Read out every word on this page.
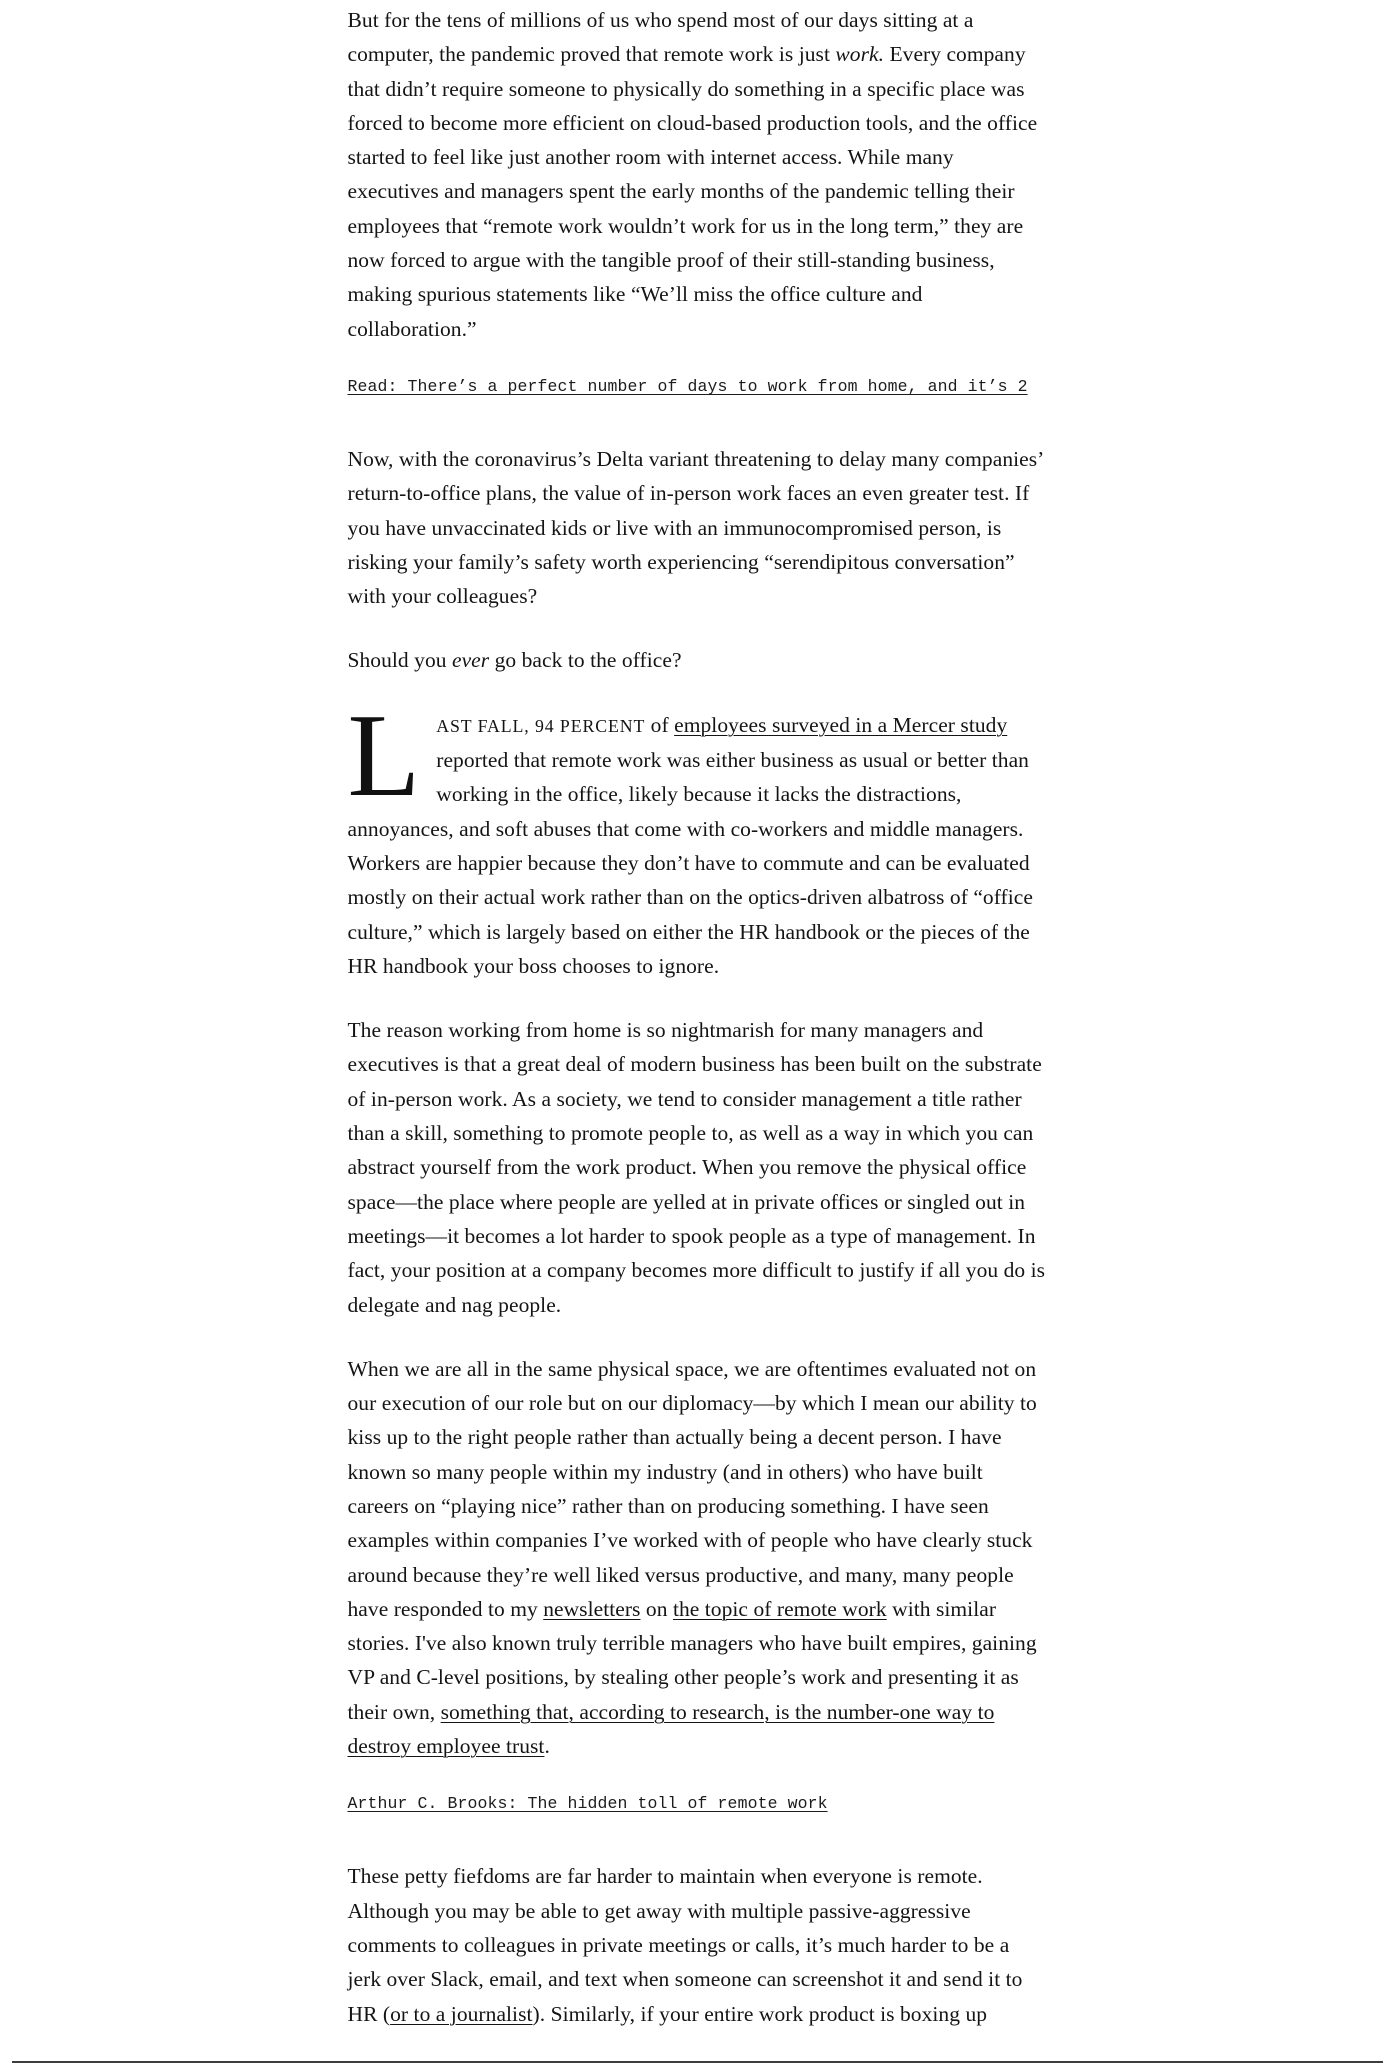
But for the tens of millions of us who spend most of our days sitting at a computer, the pandemic proved that remote work is just work. Every company that didn’t require someone to physically do something in a specific place was forced to become more efficient on cloud-based production tools, and the office started to feel like just another room with internet access. While many executives and managers spent the early months of the pandemic telling their employees that “remote work wouldn’t work for us in the long term,” they are now forced to argue with the tangible proof of their still-standing business, making spurious statements like “We’ll miss the office culture and collaboration.”

Read: There’s a perfect number of days to work from home, and it’s 2

Now, with the coronavirus’s Delta variant threatening to delay many companies’ return-to-office plans, the value of in-person work faces an even greater test. If you have unvaccinated kids or live with an immunocompromised person, is risking your family’s safety worth experiencing “serendipitous conversation” with your colleagues?

Should you ever go back to the office?

LAST FALL, 94 PERCENT of employees surveyed in a Mercer study reported that remote work was either business as usual or better than working in the office, likely because it lacks the distractions, annoyances, and soft abuses that come with co-workers and middle managers. Workers are happier because they don’t have to commute and can be evaluated mostly on their actual work rather than on the optics-driven albatross of “office culture,” which is largely based on either the HR handbook or the pieces of the HR handbook your boss chooses to ignore.

The reason working from home is so nightmarish for many managers and executives is that a great deal of modern business has been built on the substrate of in-person work. As a society, we tend to consider management a title rather than a skill, something to promote people to, as well as a way in which you can abstract yourself from the work product. When you remove the physical office space—the place where people are yelled at in private offices or singled out in meetings—it becomes a lot harder to spook people as a type of management. In fact, your position at a company becomes more difficult to justify if all you do is delegate and nag people.

When we are all in the same physical space, we are oftentimes evaluated not on our execution of our role but on our diplomacy—by which I mean our ability to kiss up to the right people rather than actually being a decent person. I have known so many people within my industry (and in others) who have built careers on “playing nice” rather than on producing something. I have seen examples within companies I’ve worked with of people who have clearly stuck around because they’re well liked versus productive, and many, many people have responded to my newsletters on the topic of remote work with similar stories. I've also known truly terrible managers who have built empires, gaining VP and C-level positions, by stealing other people’s work and presenting it as their own, something that, according to research, is the number-one way to destroy employee trust.

Arthur C. Brooks: The hidden toll of remote work

These petty fiefdoms are far harder to maintain when everyone is remote. Although you may be able to get away with multiple passive-aggressive comments to colleagues in private meetings or calls, it’s much harder to be a jerk over Slack, email, and text when someone can screenshot it and send it to HR (or to a journalist). Similarly, if your entire work product is boxing up
